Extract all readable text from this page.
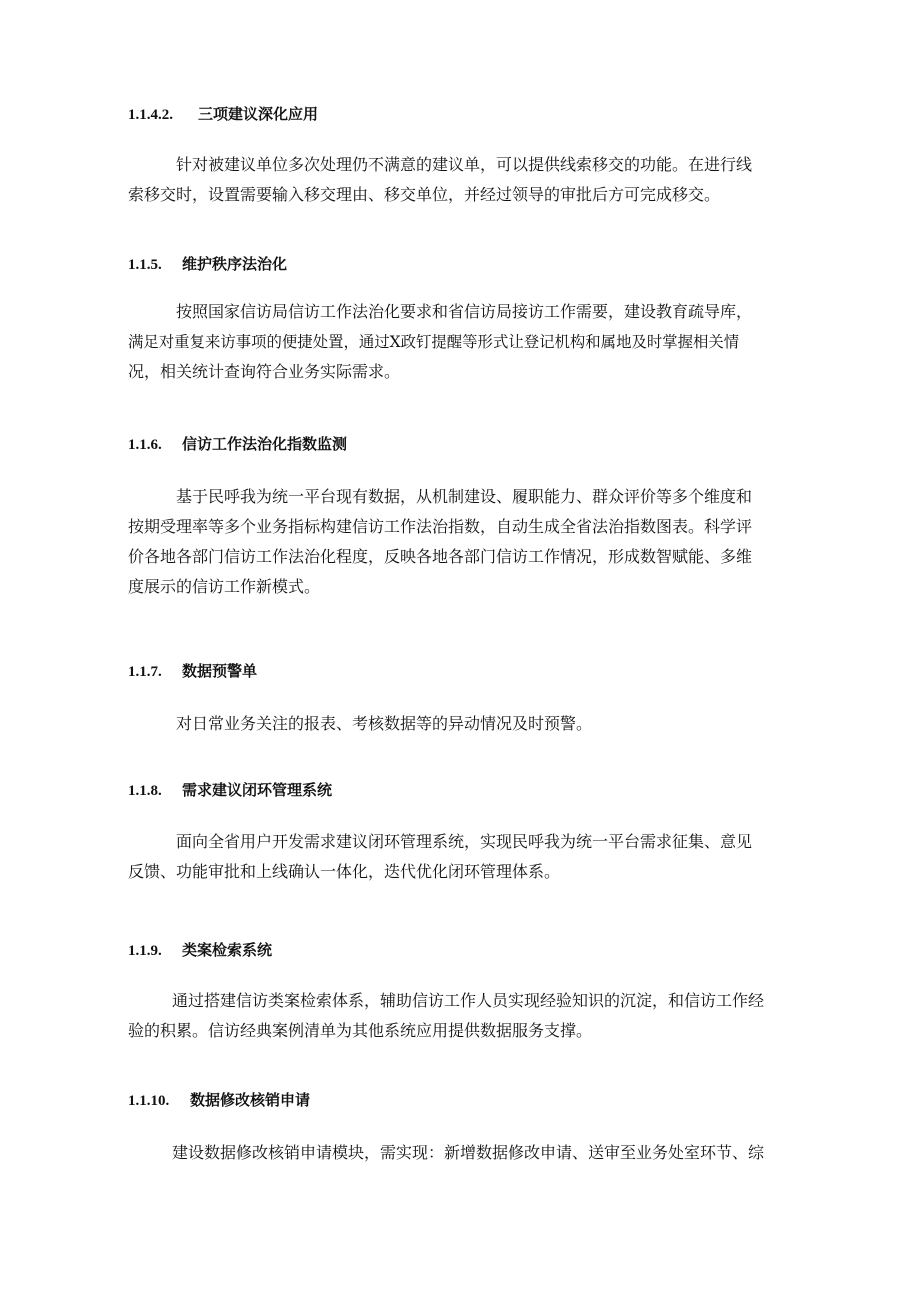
1.1.4.2. 三项建议深化应用
针对被建议单位多次处理仍不满意的建议单，可以提供线索移交的功能。在进行线
索移交时，设置需要输入移交理由、移交单位，并经过领导的审批后方可完成移交。
1.1.5. 维护秩序法治化
按照国家信访局信访工作法治化要求和省信访局接访工作需要，建设教育疏导库，
满足对重复来访事项的便捷处置，通过X政钉提醒等形式让登记机构和属地及时掌握相关情
况，相关统计查询符合业务实际需求。
1.1.6. 信访工作法治化指数监测
基于民呼我为统一平台现有数据，从机制建设、履职能力、群众评价等多个维度和
按期受理率等多个业务指标构建信访工作法治指数，自动生成全省法治指数图表。科学评
价各地各部门信访工作法治化程度，反映各地各部门信访工作情况，形成数智赋能、多维
度展示的信访工作新模式。
1.1.7. 数据预警单
对日常业务关注的报表、考核数据等的异动情况及时预警。
1.1.8. 需求建议闭环管理系统
面向全省用户开发需求建议闭环管理系统，实现民呼我为统一平台需求征集、意见
反馈、功能审批和上线确认一体化，迭代优化闭环管理体系。
1.1.9. 类案检索系统
通过搭建信访类案检索体系，辅助信访工作人员实现经验知识的沉淀，和信访工作经
验的积累。信访经典案例清单为其他系统应用提供数据服务支撑。
1.1.10. 数据修改核销申请
建设数据修改核销申请模块，需实现：新增数据修改申请、送审至业务处室环节、综
